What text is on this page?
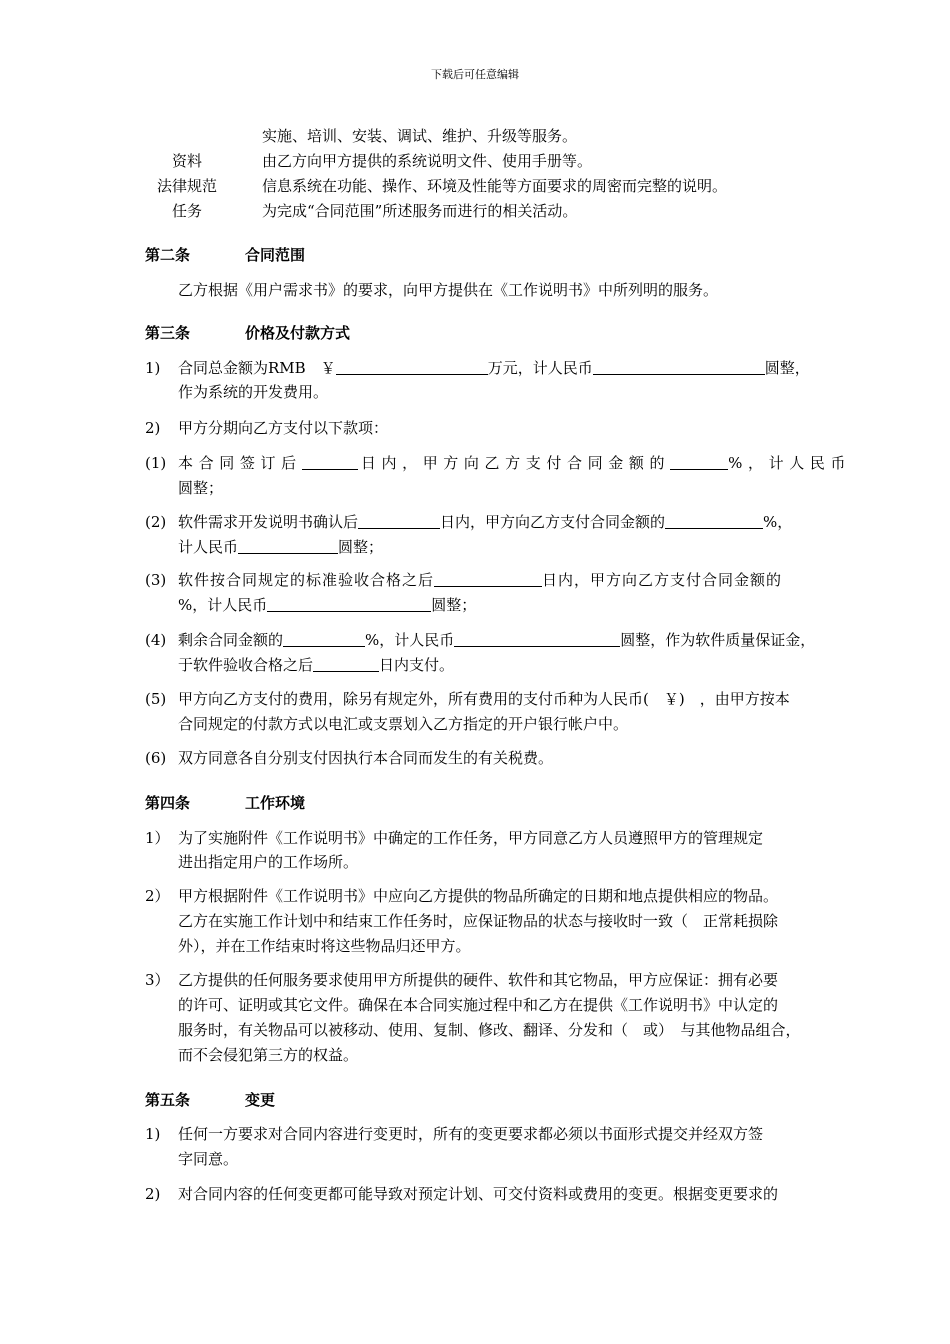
下载后可任意编辑
实施、培训、安装、调试、维护、升级等服务。
资料	由乙方向甲方提供的系统说明文件、使用手册等。
法律规范	信息系统在功能、操作、环境及性能等方面要求的周密而完整的说明。
任务	为完成“合同范围”所述服务而进行的相关活动。
第二条	合同范围
乙方根据《用户需求书》的要求，向甲方提供在《工作说明书》中所列明的服务。
第三条	价格及付款方式
1) 合同总金额为RMB　￥	万元，计人民币	圆整，
作为系统的开发费用。
2) 甲方分期向乙方支付以下款项：
(1) 本合同签订后	日内，甲方向乙方支付合同金额的	%，计人民币
圆整；
(2) 软件需求开发说明书确认后	日内，甲方向乙方支付合同金额的	%，
计人民币	圆整；
(3) 软件按合同规定的标准验收合格之后	日内，甲方向乙方支付合同金额的
%，计人民币	圆整；
(4) 剩余合同金额的	%，计人民币	圆整，作为软件质量保证金，
于软件验收合格之后	日内支付。
(5) 甲方向乙方支付的费用，除另有规定外，所有费用的支付币种为人民币(　￥)　，由甲方按本
合同规定的付款方式以电汇或支票划入乙方指定的开户银行帐户中。
(6) 双方同意各自分别支付因执行本合同而发生的有关税费。
第四条	工作环境
1） 为了实施附件《工作说明书》中确定的工作任务，甲方同意乙方人员遵照甲方的管理规定
进出指定用户的工作场所。
2） 甲方根据附件《工作说明书》中应向乙方提供的物品所确定的日期和地点提供相应的物品。
乙方在实施工作计划中和结束工作任务时，应保证物品的状态与接收时一致（　正常耗损除
外），并在工作结束时将这些物品归还甲方。
3） 乙方提供的任何服务要求使用甲方所提供的硬件、软件和其它物品，甲方应保证：拥有必要
的许可、证明或其它文件。确保在本合同实施过程中和乙方在提供《工作说明书》中认定的
服务时，有关物品可以被移动、使用、复制、修改、翻译、分发和（　或）　与其他物品组合，
而不会侵犯第三方的权益。
第五条	变更
1) 任何一方要求对合同内容进行变更时，所有的变更要求都必须以书面形式提交并经双方签
字同意。
2) 对合同内容的任何变更都可能导致对预定计划、可交付资料或费用的变更。根据变更要求的
